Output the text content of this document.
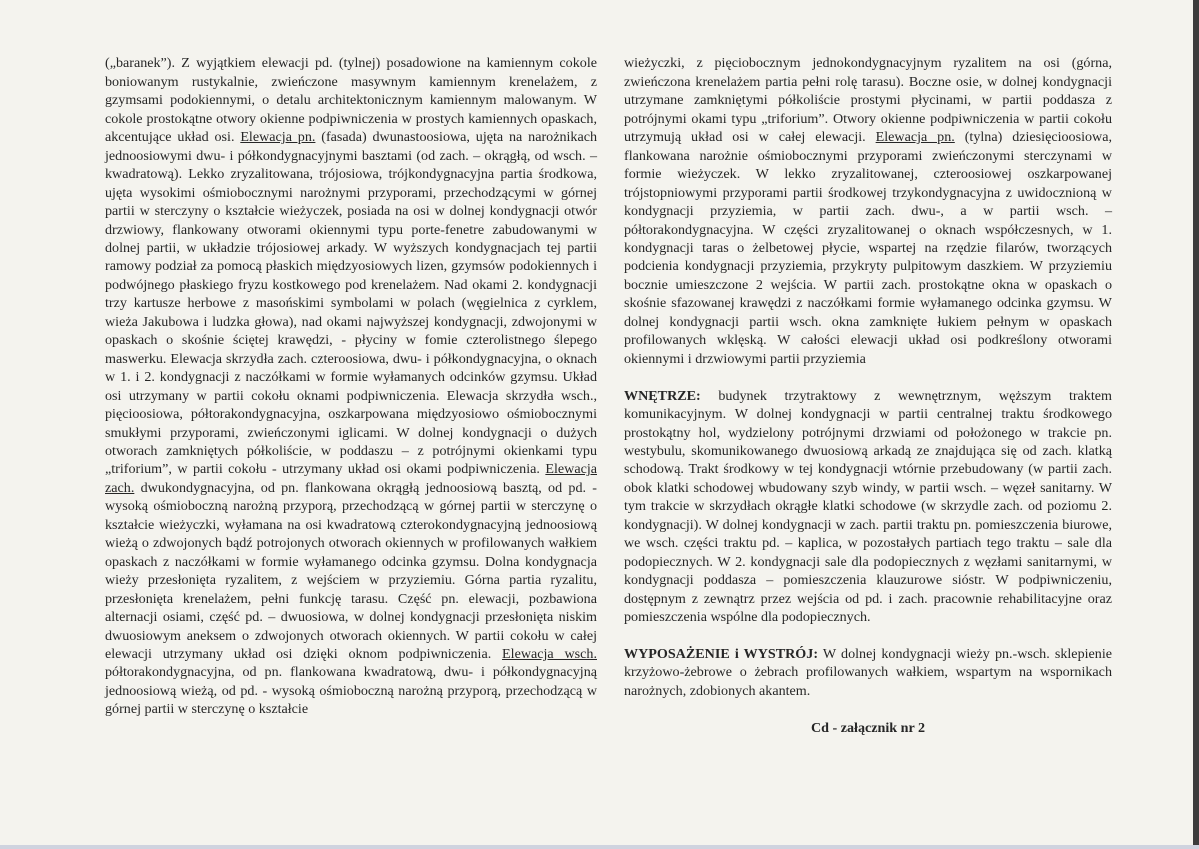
(„baranek”). Z wyjątkiem elewacji pd. (tylnej) posadowione na kamiennym cokole boniowanym rustykalnie, zwieńczone masywnym kamiennym krenelażem, z gzymsami podokiennymi, o detalu architektonicznym kamiennym malowanym. W cokole prostokątne otwory okienne podpiwniczenia w prostych kamiennych opaskach, akcentujące układ osi. Elewacja pn. (fasada) dwunastoosiowa, ujęta na narożnikach jednoosiowymi dwu- i półkondygnacyjnymi basztami (od zach. – okrągłą, od wsch. – kwadratową). Lekko zryzalitowana, trójosiowa, trójkondygnacyjna partia środkowa, ujęta wysokimi ośmiobocznymi narożnymi przyporami, przechodzącymi w górnej partii w sterczyny o kształcie wieżyczek, posiada na osi w dolnej kondygnacji otwór drzwiowy, flankowany otworami okiennymi typu porte-fenetre zabudowanymi w dolnej partii, w układzie trójosiowej arkady. W wyższych kondygnacjach tej partii ramowy podział za pomocą płaskich międzyosiowych lizen, gzymsów podokiennych i podwójnego płaskiego fryzu kostkowego pod krenelażem. Nad okami 2. kondygnacji trzy kartusze herbowe z masońskimi symbolami w polach (węgielnica z cyrklem, wieża Jakubowa i ludzka głowa), nad okami najwyższej kondygnacji, zdwojonymi w opaskach o skośnie ściętej krawędzi, - płyciny w fomie czterolistnego ślepego maswerku. Elewacja skrzydła zach. czteroosiowa, dwu- i półkondygnacyjna, o oknach w 1. i 2. kondygnacji z naczółkami w formie wyłamanych odcinków gzymsu. Układ osi utrzymany w partii cokołu oknami podpiwniczenia. Elewacja skrzydła wsch., pięcioosiowa, półtorakondygnacyjna, oszkarpowana międzyosiowo ośmiobocznymi smukłymi przyporami, zwieńczonymi iglicami. W dolnej kondygnacji o dużych otworach zamkniętych półkoliście, w poddaszu – z potrójnymi okienkami typu „triforium”, w partii cokołu - utrzymany układ osi okami podpiwniczenia. Elewacja zach. dwukondygnacyjna, od pn. flankowana okrągłą jednoosiową basztą, od pd. - wysoką ośmioboczną narożną przyporą, przechodzącą w górnej partii w sterczynę o kształcie wieżyczki, wyłamana na osi kwadratową czterokondygnacyjną jednoosiową wieżą o zdwojonych bądź potrojonych otworach okiennych w profilowanych wałkiem opaskach z naczółkami w formie wyłamanego odcinka gzymsu. Dolna kondygnacja wieży przesłonięta ryzalitem, z wejściem w przyziemiu. Górna partia ryzalitu, przesłonięta krenelażem, pełni funkcję tarasu. Część pn. elewacji, pozbawiona alternacji osiami, część pd. – dwuosiowa, w dolnej kondygnacji przesłonięta niskim dwuosiowym aneksem o zdwojonych otworach okiennych. W partii cokołu w całej elewacji utrzymany układ osi dzięki oknom podpiwniczenia. Elewacja wsch. półtorakondygnacyjna, od pn. flankowana kwadratową, dwu- i półkondygnacyjną jednoosiową wieżą, od pd. - wysoką ośmioboczną narożną przyporą, przechodzącą w górnej partii w sterczynę o kształcie

wieżyczki, z pięciobocznym jednokondygnacyjnym ryzalitem na osi (górna, zwieńczona krenelażem partia pełni rolę tarasu). Boczne osie, w dolnej kondygnacji utrzymane zamkniętymi półkoliście prostymi płycinami, w partii poddasza z potrójnymi okami typu „triforium”. Otwory okienne podpiwniczenia w partii cokołu utrzymują układ osi w całej elewacji. Elewacja pn. (tylna) dziesięcioosiowa, flankowana narożnie ośmiobocznymi przyporami zwieńczonymi sterczynami w formie wieżyczek. W lekko zryzalitowanej, czteroosiowej oszkarpowanej trójstopniowymi przyporami partii środkowej trzykondygnacyjna z uwidocznioną w kondygnacji przyziemia, w partii zach. dwu-, a w partii wsch. – półtorakondygnacyjna. W części zryzalitowanej o oknach współczesnych, w 1. kondygnacji taras o żelbetowej płycie, wspartej na rzędzie filarów, tworzących podcienia kondygnacji przyziemia, przykryty pulpitowym daszkiem. W przyziemiu bocznie umieszczone 2 wejścia. W partii zach. prostokątne okna w opaskach o skośnie sfazowanej krawędzi z naczółkami formie wyłamanego odcinka gzymsu. W dolnej kondygnacji partii wsch. okna zamknięte łukiem pełnym w opaskach profilowanych wklęską. W całości elewacji układ osi podkreślony otworami okiennymi i drzwiowymi partii przyziemia

WNĘTRZE: budynek trzytraktowy z wewnętrznym, węższym traktem komunikacyjnym. W dolnej kondygnacji w partii centralnej traktu środkowego prostokątny hol, wydzielony potrójnymi drzwiami od położonego w trakcie pn. westybulu, skomunikowanego dwuosiową arkadą ze znajdująca się od zach. klatką schodową. Trakt środkowy w tej kondygnacji wtórnie przebudowany (w partii zach. obok klatki schodowej wbudowany szyb windy, w partii wsch. – węzeł sanitarny. W tym trakcie w skrzydłach okrągłe klatki schodowe (w skrzydle zach. od poziomu 2. kondygnacji). W dolnej kondygnacji w zach. partii traktu pn. pomieszczenia biurowe, we wsch. części traktu pd. – kaplica, w pozostałych partiach tego traktu – sale dla podopiecznych. W 2. kondygnacji sale dla podopiecznych z węzłami sanitarnymi, w kondygnacji poddasza – pomieszczenia klauzurowe sióstr. W podpiwniczeniu, dostępnym z zewnątrz przez wejścia od pd. i zach. pracownie rehabilitacyjne oraz pomieszczenia wspólne dla podopiecznych.

WYPOSAŻENIE i WYSTRÓJ: W dolnej kondygnacji wieży pn.-wsch. sklepienie krzyżowo-żebrowe o żebrach profilowanych wałkiem, wspartym na wspornikach narożnych, zdobionych akantem.

Cd - załącznik nr 2
